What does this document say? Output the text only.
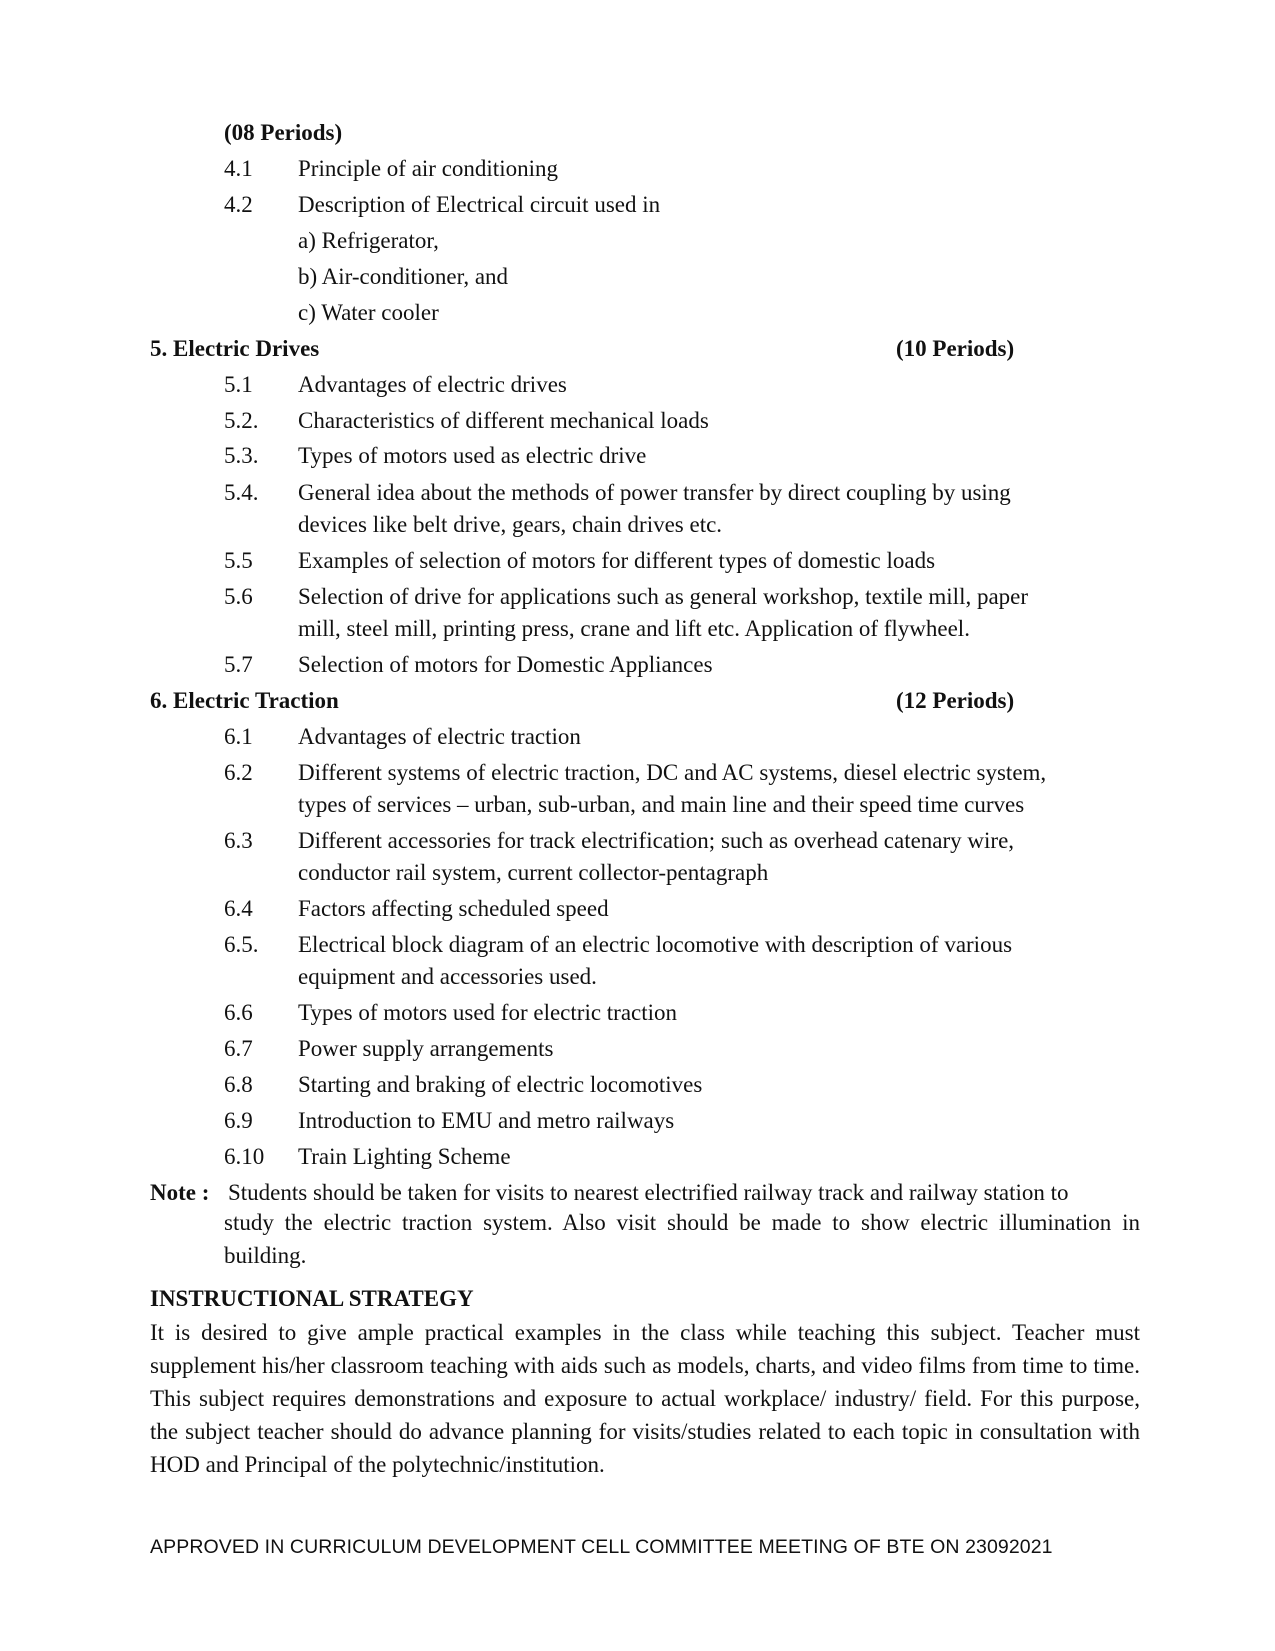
(08 Periods)
4.1 Principle of air conditioning
4.2 Description of Electrical circuit used in
a) Refrigerator,
b) Air-conditioner, and
c) Water cooler
5. Electric Drives	(10 Periods)
5.1 Advantages of electric drives
5.2. Characteristics of different mechanical loads
5.3. Types of motors used as electric drive
5.4. General idea about the methods of power transfer by direct coupling by using
devices like belt drive, gears, chain drives etc.
5.5 Examples of selection of motors for different types of domestic loads
5.6 Selection of drive for applications such as general workshop, textile mill, paper
mill, steel mill, printing press, crane and lift etc. Application of flywheel.
5.7 Selection of motors for Domestic Appliances
6. Electric Traction	(12 Periods)
6.1 Advantages of electric traction
6.2 Different systems of electric traction, DC and AC systems, diesel electric system,
types of services – urban, sub-urban, and main line and their speed time curves
6.3 Different accessories for track electrification; such as overhead catenary wire,
conductor rail system, current collector-pentagraph
6.4 Factors affecting scheduled speed
6.5. Electrical block diagram of an electric locomotive with description of various
equipment and accessories used.
6.6 Types of motors used for electric traction
6.7 Power supply arrangements
6.8 Starting and braking of electric locomotives
6.9 Introduction to EMU and metro railways
6.10 Train Lighting Scheme
Note : Students should be taken for visits to nearest electrified railway track and railway station to
study the electric traction system. Also visit should be made to show electric illumination in building.
INSTRUCTIONAL STRATEGY
It is desired to give ample practical examples in the class while teaching this subject. Teacher must supplement his/her classroom teaching with aids such as models, charts, and video films from time to time. This subject requires demonstrations and exposure to actual workplace/ industry/ field. For this purpose, the subject teacher should do advance planning for visits/studies related to each topic in consultation with HOD and Principal of the polytechnic/institution.
APPROVED IN CURRICULUM DEVELOPMENT CELL COMMITTEE MEETING OF BTE ON 23092021
